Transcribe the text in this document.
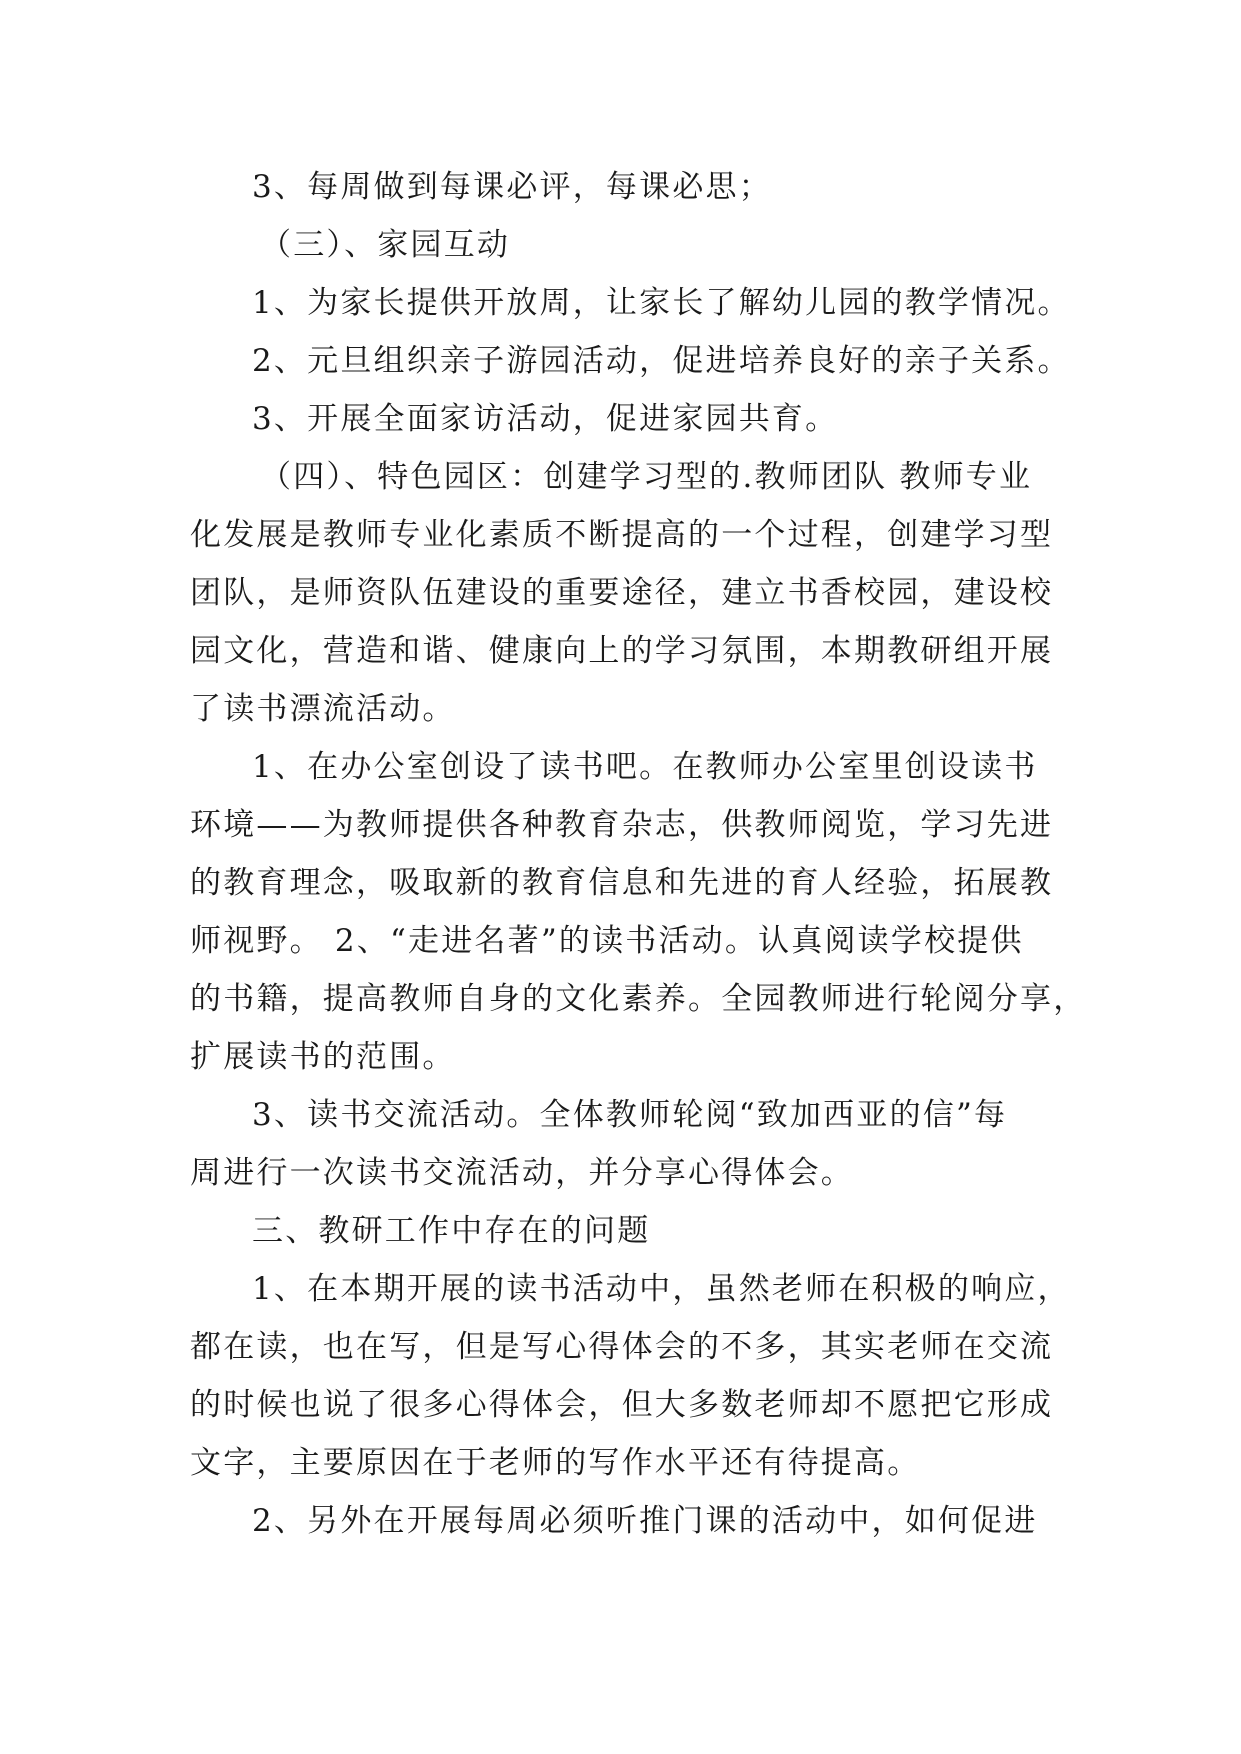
3、每周做到每课必评，每课必思；
（三）、家园互动
1、为家长提供开放周，让家长了解幼儿园的教学情况。
2、元旦组织亲子游园活动，促进培养良好的亲子关系。
3、开展全面家访活动，促进家园共育。
（四）、特色园区：创建学习型的.教师团队 教师专业
化发展是教师专业化素质不断提高的一个过程，创建学习型
团队，是师资队伍建设的重要途径，建立书香校园，建设校
园文化，营造和谐、健康向上的学习氛围，本期教研组开展
了读书漂流活动。
1、在办公室创设了读书吧。在教师办公室里创设读书
环境——为教师提供各种教育杂志，供教师阅览，学习先进
的教育理念，吸取新的教育信息和先进的育人经验，拓展教
师视野。 2、“走进名著”的读书活动。认真阅读学校提供
的书籍，提高教师自身的文化素养。全园教师进行轮阅分享，
扩展读书的范围。
3、读书交流活动。全体教师轮阅“致加西亚的信”每
周进行一次读书交流活动，并分享心得体会。
三、教研工作中存在的问题
1、在本期开展的读书活动中，虽然老师在积极的响应，
都在读，也在写，但是写心得体会的不多，其实老师在交流
的时候也说了很多心得体会，但大多数老师却不愿把它形成
文字，主要原因在于老师的写作水平还有待提高。
2、另外在开展每周必须听推门课的活动中，如何促进
